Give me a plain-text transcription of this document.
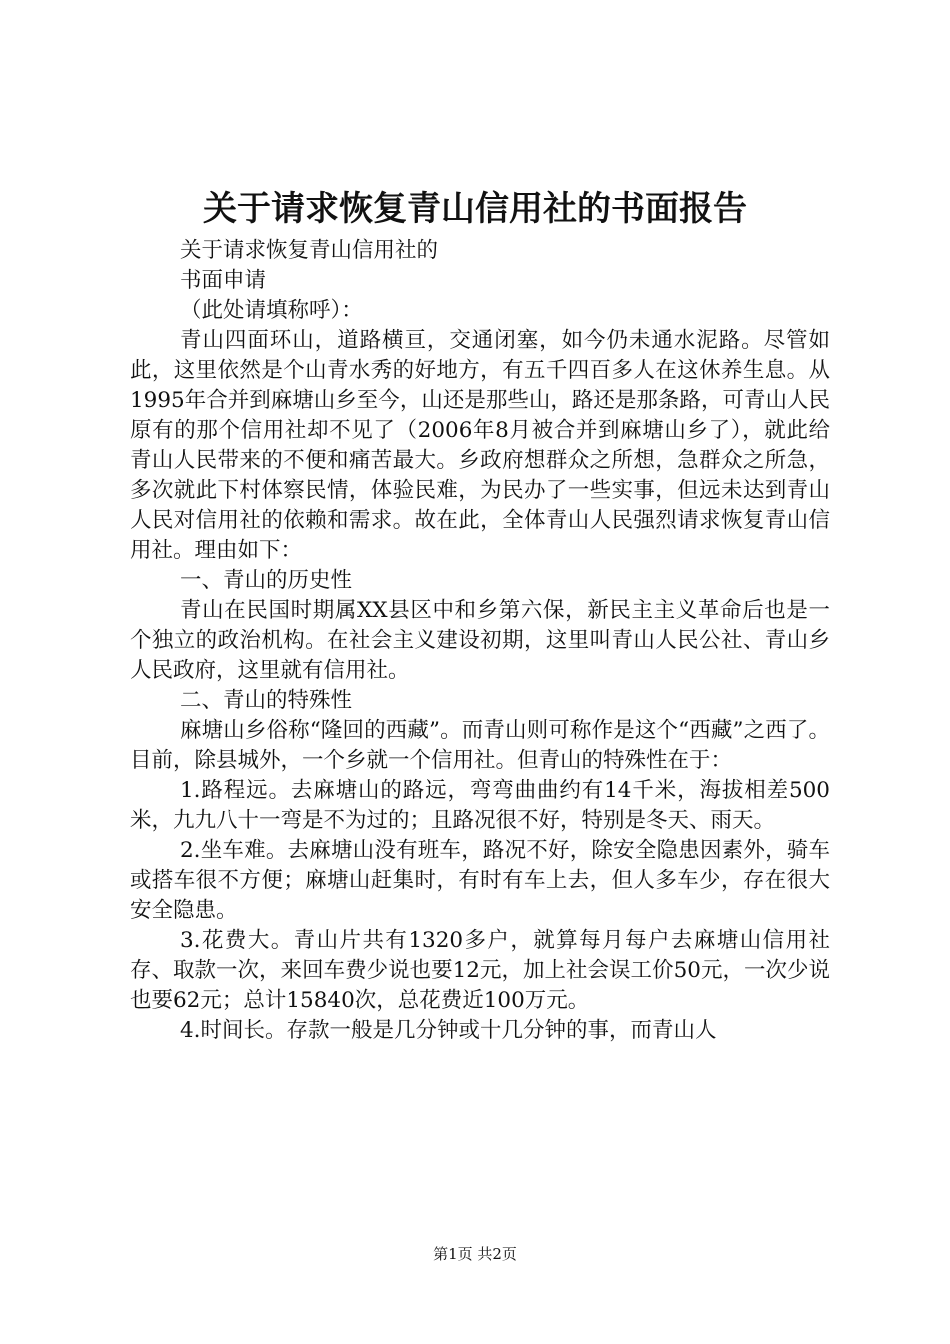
关于请求恢复青山信用社的书面报告

关于请求恢复青山信用社的

书面申请

（此处请填称呼）：

青山四面环山，道路横亘，交通闭塞，如今仍未通水泥路。尽管如此，这里依然是个山青水秀的好地方，有五千四百多人在这休养生息。从1995年合并到麻塘山乡至今，山还是那些山，路还是那条路，可青山人民原有的那个信用社却不见了（2006年8月被合并到麻塘山乡了），就此给青山人民带来的不便和痛苦最大。乡政府想群众之所想，急群众之所急，多次就此下村体察民情，体验民难，为民办了一些实事，但远未达到青山人民对信用社的依赖和需求。故在此，全体青山人民强烈请求恢复青山信用社。理由如下：

一、青山的历史性

青山在民国时期属XX县区中和乡第六保，新民主主义革命后也是一个独立的政治机构。在社会主义建设初期，这里叫青山人民公社、青山乡人民政府，这里就有信用社。

二、青山的特殊性

麻塘山乡俗称“隆回的西藏”。而青山则可称作是这个“西藏”之西了。目前，除县城外，一个乡就一个信用社。但青山的特殊性在于：

1.路程远。去麻塘山的路远，弯弯曲曲约有14千米，海拔相差500米，九九八十一弯是不为过的；且路况很不好，特别是冬天、雨天。

2.坐车难。去麻塘山没有班车，路况不好，除安全隐患因素外，骑车或搭车很不方便；麻塘山赶集时，有时有车上去，但人多车少，存在很大安全隐患。

3.花费大。青山片共有1320多户，就算每月每户去麻塘山信用社存、取款一次，来回车费少说也要12元，加上社会误工价50元，一次少说也要62元；总计15840次，总花费近100万元。

4.时间长。存款一般是几分钟或十几分钟的事，而青山人

第1页 共2页
